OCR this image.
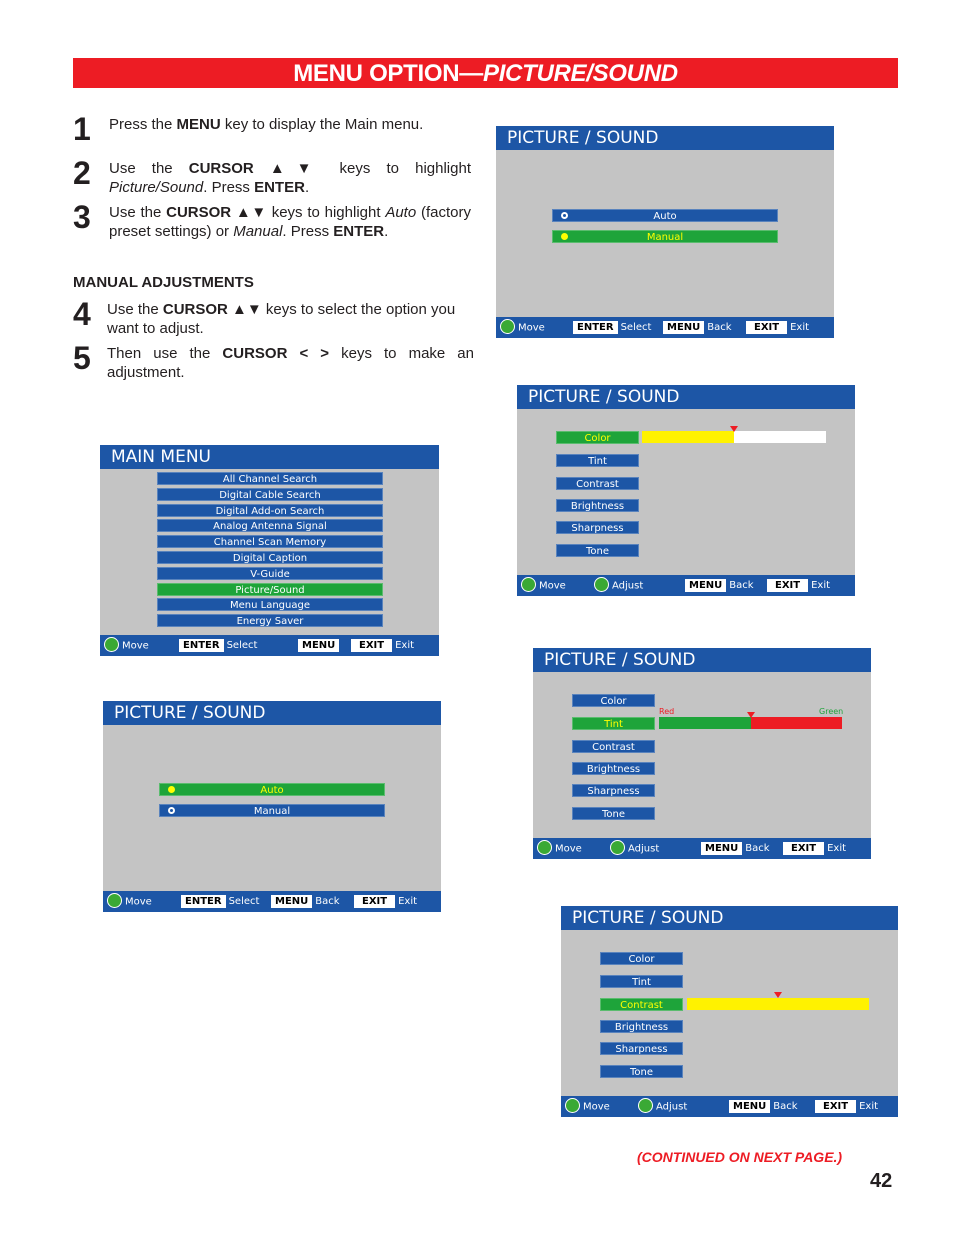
MENU OPTION—PICTURE/SOUND
1 Press the MENU key to display the Main menu.
2 Use the CURSOR ▲▼ keys to highlight Picture/Sound. Press ENTER.
3 Use the CURSOR ▲▼ keys to highlight Auto (factory preset settings) or Manual. Press ENTER.
MANUAL ADJUSTMENTS
4 Use the CURSOR ▲▼ keys to select the option you want to adjust.
5 Then use the CURSOR < > keys to make an adjustment.
PICTURE / SOUND
Auto
Manual
Move	ENTER Select	MENU Back	EXIT Exit
PICTURE / SOUND
Color
Tint
Contrast
Brightness
Sharpness
Tone
Move	Adjust	MENU Back	EXIT Exit
MAIN MENU
All Channel Search
Digital Cable Search
Digital Add-on Search
Analog Antenna Signal
Channel Scan Memory
Digital Caption
V-Guide
Picture/Sound
Menu Language
Energy Saver
Move	ENTER Select	MENU	EXIT Exit
PICTURE / SOUND
Color
Tint
Contrast
Brightness
Sharpness
Tone
Red	Green
Move	Adjust	MENU Back	EXIT Exit
PICTURE / SOUND
Auto
Manual
Move	ENTER Select	MENU Back	EXIT Exit
PICTURE / SOUND
Color
Tint
Contrast
Brightness
Sharpness
Tone
Move	Adjust	MENU Back	EXIT Exit
(CONTINUED ON NEXT PAGE.)
42
